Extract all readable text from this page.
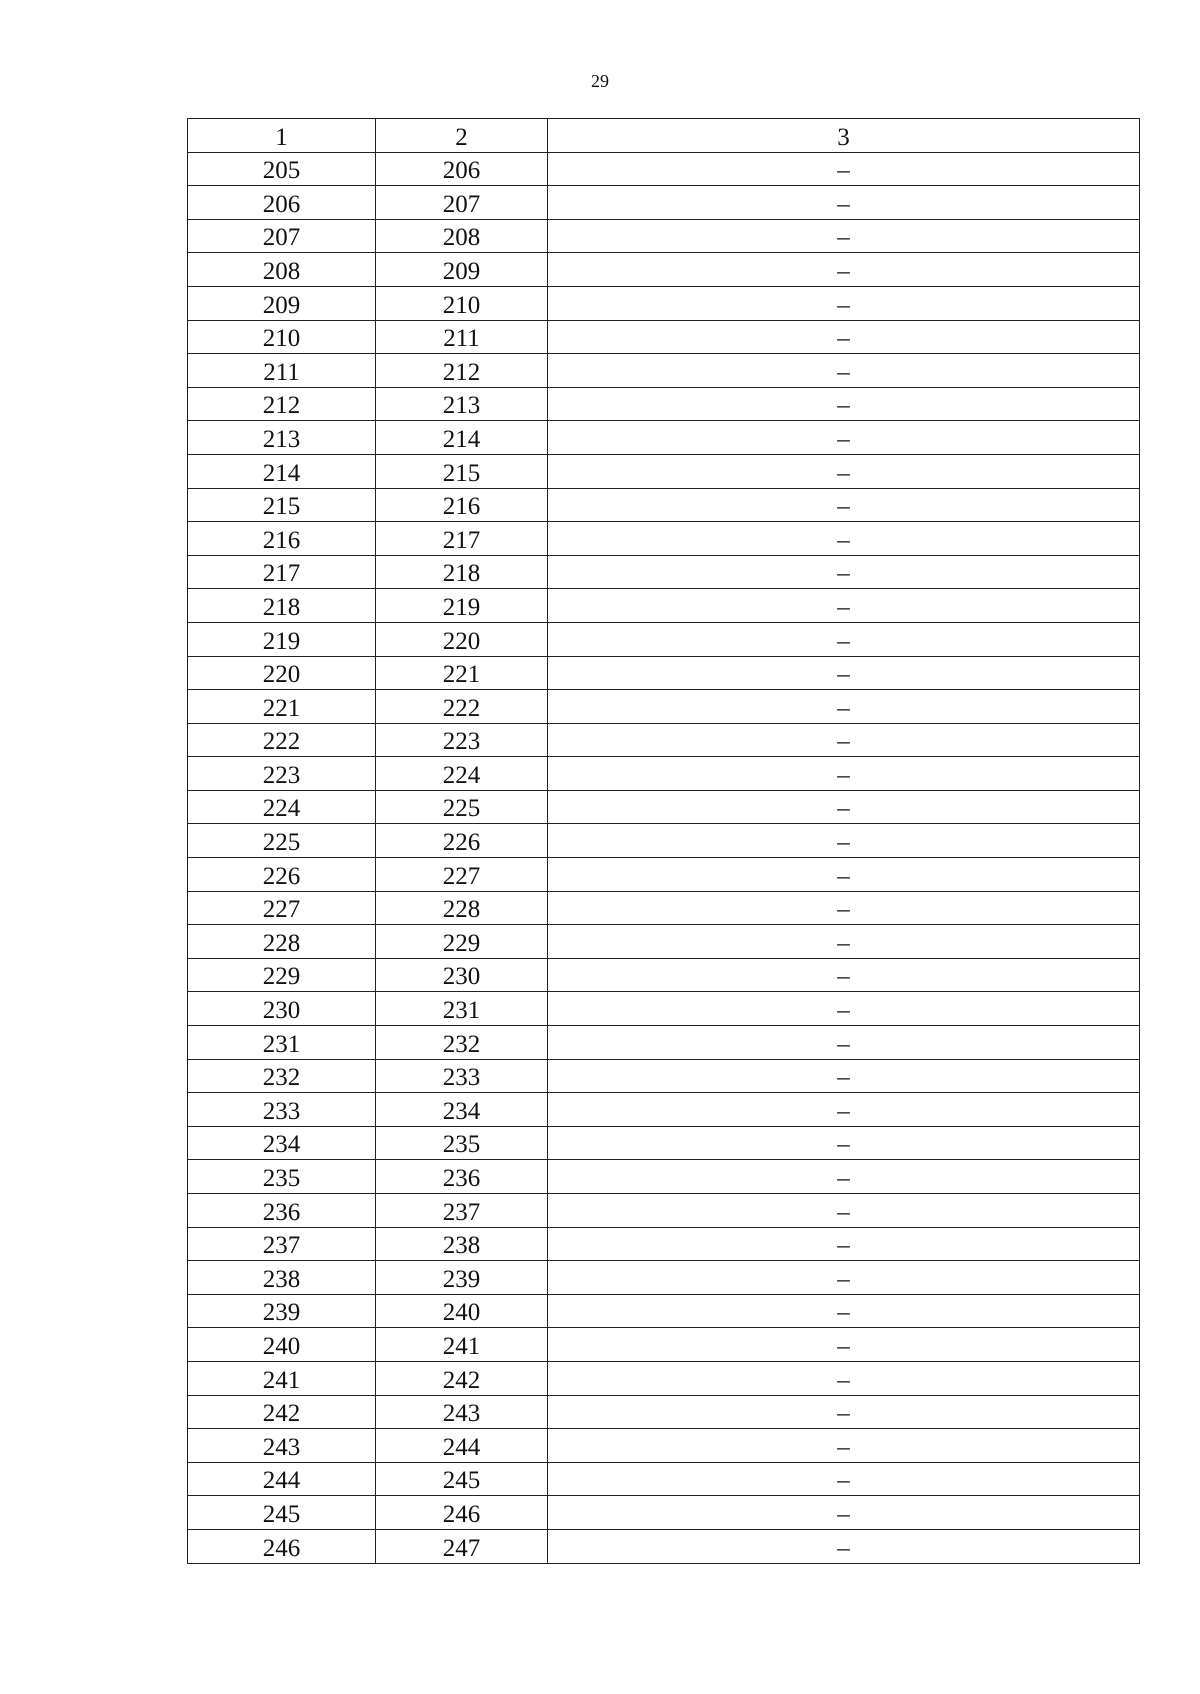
29
1	2	3
205	206	–
206	207	–
207	208	–
208	209	–
209	210	–
210	211	–
211	212	–
212	213	–
213	214	–
214	215	–
215	216	–
216	217	–
217	218	–
218	219	–
219	220	–
220	221	–
221	222	–
222	223	–
223	224	–
224	225	–
225	226	–
226	227	–
227	228	–
228	229	–
229	230	–
230	231	–
231	232	–
232	233	–
233	234	–
234	235	–
235	236	–
236	237	–
237	238	–
238	239	–
239	240	–
240	241	–
241	242	–
242	243	–
243	244	–
244	245	–
245	246	–
246	247	–
